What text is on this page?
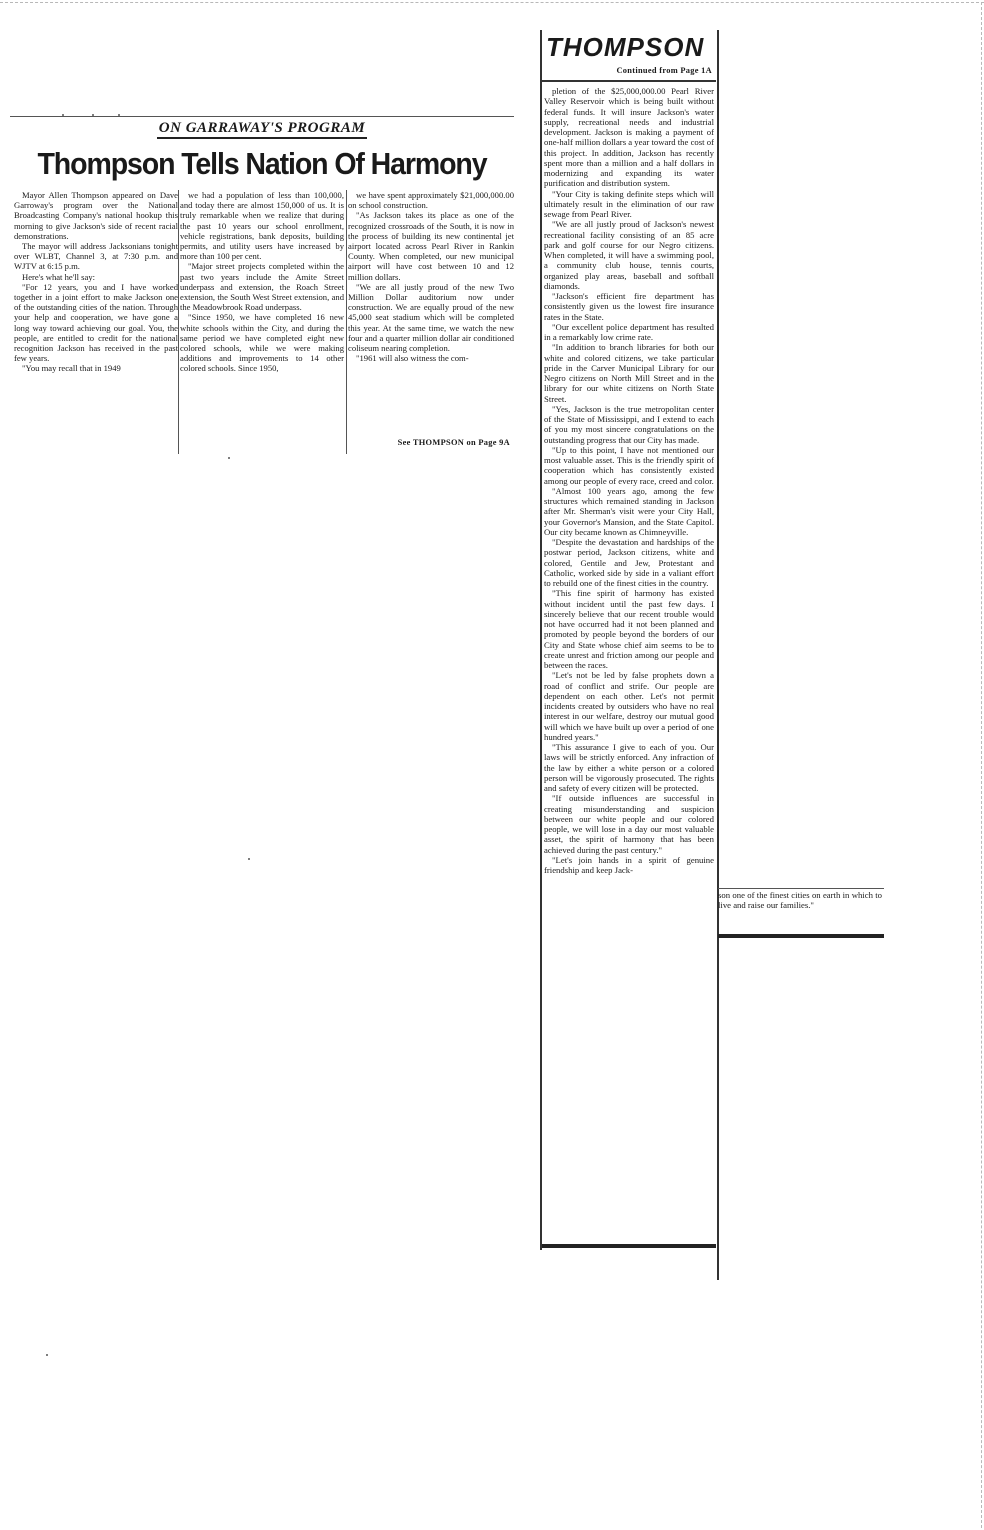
ON GARRAWAY'S PROGRAM
Thompson Tells Nation Of Harmony

Mayor Allen Thompson appeared on Dave Garroway's program over the National Broadcasting Company's national hookup this morning to give Jackson's side of recent racial demonstrations.

The mayor will address Jacksonians tonight over WLBT, Channel 3, at 7:30 p.m. and WJTV at 6:15 p.m.

Here's what he'll say:

"For 12 years, you and I have worked together in a joint effort to make Jackson one of the outstanding cities of the nation. Through your help and cooperation, we have gone a long way toward achieving our goal. You, the people, are entitled to credit for the national recognition Jackson has received in the past few years.

"You may recall that in 1949

we had a population of less than 100,000, and today there are almost 150,000 of us. It is truly remarkable when we realize that during the past 10 years our school enrollment, vehicle registrations, bank deposits, building permits, and utility users have increased by more than 100 per cent.

"Major street projects completed within the past two years include the Amite Street underpass and extension, the Roach Street extension, the South West Street extension, and the Meadowbrook Road underpass.

"Since 1950, we have completed 16 new white schools within the City, and during the same period we have completed eight new colored schools, while we were making additions and improvements to 14 other colored schools. Since 1950,

we have spent approximately $21,000,000.00 on school construction.

"As Jackson takes its place as one of the recognized crossroads of the South, it is now in the process of building its new continental jet airport located across Pearl River in Rankin County. When completed, our new municipal airport will have cost between 10 and 12 million dollars.

"We are all justly proud of the new Two Million Dollar auditorium now under construction. We are equally proud of the new 45,000 seat stadium which will be completed this year. At the same time, we watch the new four and a quarter million dollar air conditioned coliseum nearing completion.

"1961 will also witness the com-

See THOMPSON on Page 9A
THOMPSON
Continued from Page 1A

pletion of the $25,000,000.00 Pearl River Valley Reservoir which is being built without federal funds. It will insure Jackson's water supply, recreational needs and industrial development. Jackson is making a payment of one-half million dollars a year toward the cost of this project. In addition, Jackson has recently spent more than a million and a half dollars in modernizing and expanding its water purification and distribution system.

"Your City is taking definite steps which will ultimately result in the elimination of our raw sewage from Pearl River.

"We are all justly proud of Jackson's newest recreational facility consisting of an 85 acre park and golf course for our Negro citizens. When completed, it will have a swimming pool, a community club house, tennis courts, organized play areas, baseball and softball diamonds.

"Jackson's efficient fire department has consistently given us the lowest fire insurance rates in the State.

"Our excellent police department has resulted in a remarkably low crime rate.

"In addition to branch libraries for both our white and colored citizens, we take particular pride in the Carver Municipal Library for our Negro citizens on North Mill Street and in the library for our white citizens on North State Street.

"Yes, Jackson is the true metropolitan center of the State of Mississippi, and I extend to each of you my most sincere congratulations on the outstanding progress that our City has made.

"Up to this point, I have not mentioned our most valuable asset. This is the friendly spirit of cooperation which has consistently existed among our people of every race, creed and color.

"Almost 100 years ago, among the few structures which remained standing in Jackson after Mr. Sherman's visit were your City Hall, your Governor's Mansion, and the State Capitol. Our city became known as Chimneyville.

"Despite the devastation and hardships of the postwar period, Jackson citizens, white and colored, Gentile and Jew, Protestant and Catholic, worked side by side in a valiant effort to rebuild one of the finest cities in the country.

"This fine spirit of harmony has existed without incident until the past few days. I sincerely believe that our recent trouble would not have occurred had it not been planned and promoted by people beyond the borders of our City and State whose chief aim seems to be to create unrest and friction among our people and between the races.

"Let's not be led by false prophets down a road of conflict and strife. Our people are dependent on each other. Let's not permit incidents created by outsiders who have no real interest in our welfare, destroy our mutual good will which we have built up over a period of one hundred years."

"This assurance I give to each of you. Our laws will be strictly enforced. Any infraction of the law by either a white person or a colored person will be vigorously prosecuted. The rights and safety of every citizen will be protected.

"If outside influences are successful in creating misunderstanding and suspicion between our white people and our colored people, we will lose in a day our most valuable asset, the spirit of harmony that has been achieved during the past century."

"Let's join hands in a spirit of genuine friendship and keep Jack-

son one of the finest cities on earth in which to live and raise our families."
